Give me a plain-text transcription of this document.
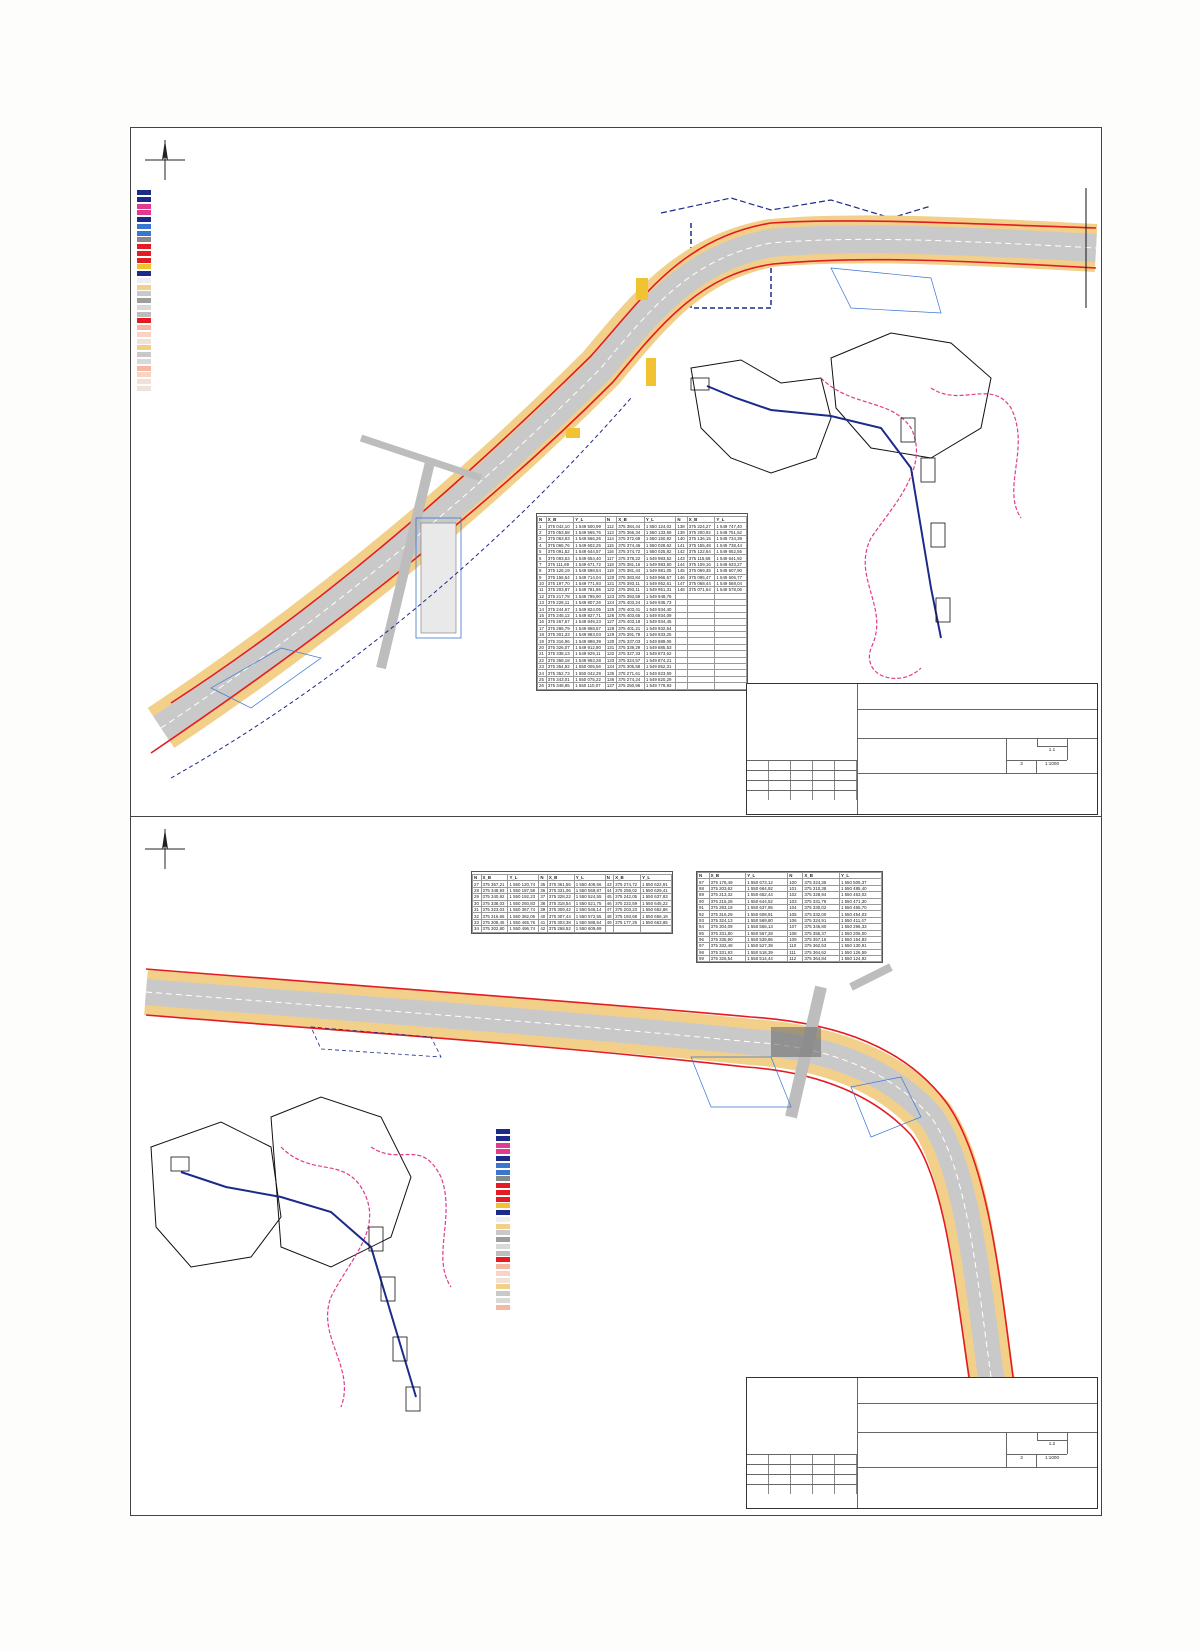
N	X_B	Y_L	N	X_B	Y_L	N	X_B	Y_L
1	375 042,10	1 549 500,99	112	375 384,44	1 550 124,02	138	375 224,27	1 549 747,40
2	375 053,58	1 549 565,76	113	375 366,34	1 550 133,59	139	375 200,92	1 549 751,52
3	375 063,93	1 549 566,26	114	375 372,69	1 550 150,92	140	375 136,15	1 549 734,39
4	375 065,76	1 549 602,25	115	375 374,46	1 550 028,62	141	375 155,48	1 549 738,44
5	375 091,52	1 549 644,57	116	375 374,72	1 550 025,82	142	375 122,64	1 549 652,55
6	375 093,53	1 549 654,40	117	375 378,22	1 549 983,52	143	375 115,68	1 549 641,92
7	375 111,69	1 549 671,72	118	375 381,16	1 549 983,50	144	375 109,16	1 549 633,27
8	375 126,19	1 549 698,54	119	375 381,44	1 549 981,05	145	375 069,35	1 549 607,90
9	375 156,54	1 549 714,04	120	375 383,84	1 549 966,57	146	375 095,47	1 549 606,77
10	375 197,70	1 549 771,93	121	375 393,11	1 549 952,61	147	375 068,44	1 549 568,04
11	375 203,87	1 549 781,86	122	375 393,11	1 549 951,31	148	375 071,54	1 549 578,06
12	375 217,78	1 549 795,90	123	375 393,59	1 549 948,76			
13	375 228,11	1 549 807,26	124	375 403,24	1 549 936,73			
14	375 244,67	1 549 824,05	125	375 403,41	1 549 934,40			
15	375 245,12	1 549 827,71	126	375 403,65	1 549 934,09			
16	375 267,67	1 549 849,23	127	375 403,18	1 549 934,45			
17	375 286,79	1 549 868,57	128	375 401,21	1 549 932,54			
18	375 301,33	1 549 883,03	129	375 391,79	1 549 933,25			
19	375 316,96	1 549 898,39	130	375 337,03	1 549 889,06			
20	375 326,07	1 549 912,80	131	375 339,29	1 549 885,53			
21	375 338,13	1 549 929,11	132	375 327,33	1 549 873,62			
22	375 358,18	1 549 953,28	133	375 324,57	1 549 874,21			
23	375 354,92	1 550 005,56	134	375 305,58	1 549 852,31			
24	375 352,73	1 550 042,29	135	375 271,61	1 549 823,59			
25	375 343,01	1 550 075,22	136	375 274,24	1 549 820,29			
26	375 348,85	1 550 110,07	137	375 250,96	1 549 779,93			
1.1
3	1:1000
N	X_B	Y_L	N	X_B	Y_L	N	X_B	Y_L
27	375 367,21	1 550 120,74	35	375 361,56	1 550 409,56	43	375 274,72	1 550 622,91
28	375 348,93	1 550 187,58	36	375 331,06	1 550 559,87	44	375 259,02	1 550 629,41
29	375 340,92	1 550 192,23	37	375 328,22	1 550 524,55	45	375 242,05	1 550 637,83
30	375 338,03	1 550 250,83	38	375 318,54	1 550 521,75	46	375 222,59	1 550 645,22
31	375 323,03	1 550 367,74	39	375 309,42	1 550 546,14	47	375 203,23	1 550 652,86
32	375 316,65	1 550 382,06	40	375 307,44	1 550 572,55	48	375 193,68	1 550 656,19
33	375 308,45	1 550 465,76	41	375 303,38	1 550 588,64	49	375 177,25	1 550 663,85
34	375 302,80	1 550 496,74	42	375 268,52	1 550 609,69			
N	X_B	Y_L	N	X_B	Y_L
87	375 178,49	1 550 673,12	100	375 324,35	1 550 505,37
88	375 203,62	1 550 664,92	101	375 310,38	1 550 485,40
89	375 213,32	1 550 652,44	102	375 328,94	1 550 463,02
90	375 215,28	1 550 644,52	103	375 331,79	1 550 471,30
91	375 293,18	1 550 637,95	104	375 330,02	1 550 465,70
92	375 316,29	1 550 608,91	105	375 332,00	1 550 454,03
93	375 324,13	1 550 569,80	106	375 324,91	1 550 411,47
94	375 304,09	1 550 565,13	107	375 346,80	1 550 296,33
95	375 331,80	1 550 567,28	108	375 356,37	1 550 206,00
96	375 335,90	1 550 539,86	109	375 357,16	1 550 154,83
97	375 332,48	1 550 527,39	110	375 362,53	1 550 130,91
98	375 331,93	1 550 518,39	111	375 364,62	1 550 126,59
99	375 326,54	1 550 514,44	112	375 364,84	1 550 124,92
1.2
3	1:1000
